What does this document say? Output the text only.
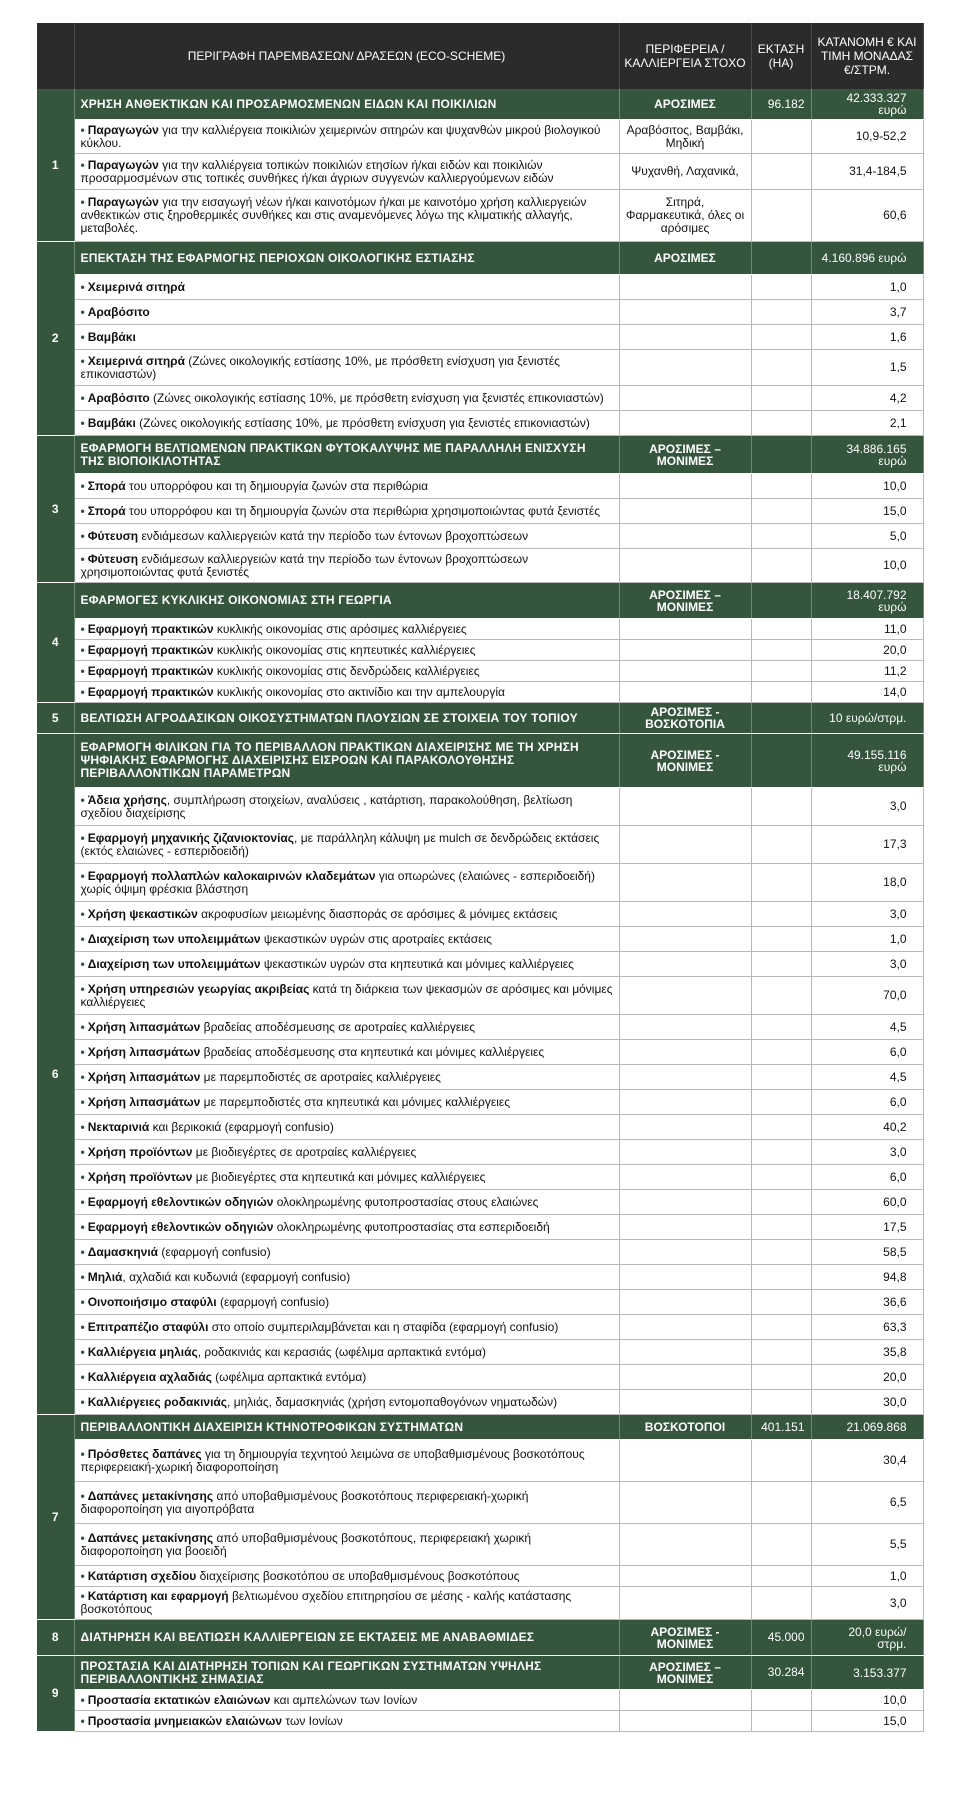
	ΠΕΡΙΓΡΑΦΗ ΠΑΡΕΜΒΑΣΕΩΝ/ ΔΡΑΣΕΩΝ (ECO-SCHEME)	ΠΕΡΙΦΕΡΕΙΑ / ΚΑΛΛΙΕΡΓΕΙΑ ΣΤΟΧΟ	ΕΚΤΑΣΗ (HA)	ΚΑΤΑΝΟΜΗ € ΚΑΙ ΤΙΜΗ ΜΟΝΑΔΑΣ €/ΣΤΡΜ.
1	ΧΡΗΣΗ ΑΝΘΕΚΤΙΚΩΝ ΚΑΙ ΠΡΟΣΑΡΜΟΣΜΕΝΩΝ ΕΙΔΩΝ ΚΑΙ ΠΟΙΚΙΛΙΩΝ	ΑΡΟΣΙΜΕΣ	96.182	42.333.327 ευρώ
	• Παραγωγών για την καλλιέργεια ποικιλιών χειμερινών σιτηρών και ψυχανθών μικρού βιολογικού κύκλου.	Αραβόσιτος, Βαμβάκι, Μηδική		10,9-52,2
	• Παραγωγών για την καλλιέργεια τοπικών ποικιλιών ετησίων ή/και ειδών και ποικιλιών προσαρμοσμένων στις τοπικές συνθήκες ή/και άγριων συγγενών καλλιεργούμενων ειδών	Ψυχανθή, Λαχανικά,		31,4-184,5
	• Παραγωγών για την εισαγωγή νέων ή/και καινοτόμων ή/και με καινοτόμο χρήση καλλιεργειών ανθεκτικών στις ξηροθερμικές συνθήκες και στις αναμενόμενες λόγω της κλιματικής αλλαγής, μεταβολές.	Σιτηρά, Φαρμακευτικά, όλες οι αρόσιμες		60,6
2	ΕΠΕΚΤΑΣΗ ΤΗΣ ΕΦΑΡΜΟΓΗΣ ΠΕΡΙΟΧΩΝ ΟΙΚΟΛΟΓΙΚΗΣ ΕΣΤΙΑΣΗΣ	ΑΡΟΣΙΜΕΣ		4.160.896 ευρώ
	• Χειμερινά σιτηρά			1,0
	• Αραβόσιτο			3,7
	• Βαμβάκι			1,6
	• Χειμερινά σιτηρά (Ζώνες οικολογικής εστίασης 10%, με πρόσθετη ενίσχυση για ξενιστές επικονιαστών)			1,5
	• Αραβόσιτο (Ζώνες οικολογικής εστίασης 10%, με πρόσθετη ενίσχυση για ξενιστές επικονιαστών)			4,2
	• Βαμβάκι (Ζώνες οικολογικής εστίασης 10%, με πρόσθετη ενίσχυση για ξενιστές επικονιαστών)			2,1
3	ΕΦΑΡΜΟΓΗ ΒΕΛΤΙΩΜΕΝΩΝ ΠΡΑΚΤΙΚΩΝ ΦΥΤΟΚΑΛΥΨΗΣ ΜΕ ΠΑΡΑΛΛΗΛΗ ΕΝΙΣΧΥΣΗ ΤΗΣ ΒΙΟΠΟΙΚΙΛΟΤΗΤΑΣ	ΑΡΟΣΙΜΕΣ – ΜΟΝΙΜΕΣ		34.886.165 ευρώ
	• Σπορά του υπορρόφου και τη δημιουργία ζωνών στα περιθώρια			10,0
	• Σπορά του υπορρόφου και τη δημιουργία ζωνών στα περιθώρια χρησιμοποιώντας φυτά ξενιστές			15,0
	• Φύτευση ενδιάμεσων καλλιεργειών κατά την περίοδο των έντονων βροχοπτώσεων			5,0
	• Φύτευση ενδιάμεσων καλλιεργειών κατά την περίοδο των έντονων βροχοπτώσεων χρησιμοποιώντας φυτά ξενιστές			10,0
4	ΕΦΑΡΜΟΓΕΣ ΚΥΚΛΙΚΗΣ ΟΙΚΟΝΟΜΙΑΣ ΣΤΗ ΓΕΩΡΓΙΑ	ΑΡΟΣΙΜΕΣ – ΜΟΝΙΜΕΣ		18.407.792 ευρώ
	• Εφαρμογή πρακτικών κυκλικής οικονομίας στις αρόσιμες καλλιέργειες			11,0
	• Εφαρμογή πρακτικών κυκλικής οικονομίας στις κηπευτικές καλλιέργειες			20,0
	• Εφαρμογή πρακτικών κυκλικής οικονομίας στις δενδρώδεις καλλιέργειες			11,2
	• Εφαρμογή πρακτικών κυκλικής οικονομίας στο ακτινίδιο και την αμπελουργία			14,0
5	ΒΕΛΤΙΩΣΗ ΑΓΡΟΔΑΣΙΚΩΝ ΟΙΚΟΣΥΣΤΗΜΑΤΩΝ ΠΛΟΥΣΙΩΝ ΣΕ ΣΤΟΙΧΕΙΑ ΤΟΥ ΤΟΠΙΟΥ	ΑΡΟΣΙΜΕΣ - ΒΟΣΚΟΤΟΠΙΑ		10 ευρώ/στρμ.
6	ΕΦΑΡΜΟΓΗ ΦΙΛΙΚΩΝ ΓΙΑ ΤΟ ΠΕΡΙΒΑΛΛΟΝ ΠΡΑΚΤΙΚΩΝ ΔΙΑΧΕΙΡΙΣΗΣ ΜΕ ΤΗ ΧΡΗΣΗ ΨΗΦΙΑΚΗΣ ΕΦΑΡΜΟΓΗΣ ΔΙΑΧΕΙΡΙΣΗΣ ΕΙΣΡΟΩΝ ΚΑΙ ΠΑΡΑΚΟΛΟΥΘΗΣΗΣ ΠΕΡΙΒΑΛΛΟΝΤΙΚΩΝ ΠΑΡΑΜΕΤΡΩΝ	ΑΡΟΣΙΜΕΣ - ΜΟΝΙΜΕΣ		49.155.116 ευρώ
	• Άδεια χρήσης, συμπλήρωση στοιχείων, αναλύσεις , κατάρτιση, παρακολούθηση, βελτίωση σχεδίου διαχείρισης			3,0
	• Εφαρμογή μηχανικής ζιζανιοκτονίας, με παράλληλη κάλυψη με mulch σε δενδρώδεις εκτάσεις (εκτός ελαιώνες - εσπεριδοειδή)			17,3
	• Εφαρμογή πολλαπλών καλοκαιρινών κλαδεμάτων για οπωρώνες (ελαιώνες - εσπεριδοειδή) χωρίς όψιμη φρέσκια βλάστηση			18,0
	• Χρήση ψεκαστικών ακροφυσίων μειωμένης διασποράς σε αρόσιμες & μόνιμες εκτάσεις			3,0
	• Διαχείριση των υπολειμμάτων ψεκαστικών υγρών στις αροτραίες εκτάσεις			1,0
	• Διαχείριση των υπολειμμάτων ψεκαστικών υγρών στα κηπευτικά και μόνιμες καλλιέργειες			3,0
	• Χρήση υπηρεσιών γεωργίας ακριβείας κατά τη διάρκεια των ψεκασμών σε αρόσιμες και μόνιμες καλλιέργειες			70,0
	• Χρήση λιπασμάτων βραδείας αποδέσμευσης σε αροτραίες καλλιέργειες			4,5
	• Χρήση λιπασμάτων βραδείας αποδέσμευσης στα κηπευτικά και μόνιμες καλλιέργειες			6,0
	• Χρήση λιπασμάτων με παρεμποδιστές σε αροτραίες καλλιέργειες			4,5
	• Χρήση λιπασμάτων με παρεμποδιστές στα κηπευτικά και μόνιμες καλλιέργειες			6,0
	• Νεκταρινιά και βερικοκιά (εφαρμογή confusio)			40,2
	• Χρήση προϊόντων με βιοδιεγέρτες σε αροτραίες καλλιέργειες			3,0
	• Χρήση προϊόντων με βιοδιεγέρτες στα κηπευτικά και μόνιμες καλλιέργειες			6,0
	• Εφαρμογή εθελοντικών οδηγιών ολοκληρωμένης φυτοπροστασίας στους ελαιώνες			60,0
	• Εφαρμογή εθελοντικών οδηγιών ολοκληρωμένης φυτοπροστασίας στα εσπεριδοειδή			17,5
	• Δαμασκηνιά (εφαρμογή confusio)			58,5
	• Μηλιά, αχλαδιά και κυδωνιά (εφαρμογή confusio)			94,8
	• Οινοποιήσιμο σταφύλι (εφαρμογή confusio)			36,6
	• Επιτραπέζιο σταφύλι στο οποίο συμπεριλαμβάνεται και η σταφίδα (εφαρμογή confusio)			63,3
	• Καλλιέργεια μηλιάς, ροδακινιάς και κερασιάς (ωφέλιμα αρπακτικά εντόμα)			35,8
	• Καλλιέργεια αχλαδιάς (ωφέλιμα αρπακτικά εντόμα)			20,0
	• Καλλιέργειες ροδακινιάς, μηλιάς, δαμασκηνιάς (χρήση εντομοπαθογόνων νηματωδών)			30,0
7	ΠΕΡΙΒΑΛΛΟΝΤΙΚΗ ΔΙΑΧΕΙΡΙΣΗ ΚΤΗΝΟΤΡΟΦΙΚΩΝ ΣΥΣΤΗΜΑΤΩΝ	ΒΟΣΚΟΤΟΠΟΙ	401.151	21.069.868
	• Πρόσθετες δαπάνες για τη δημιουργία τεχνητού λειμώνα σε υποβαθμισμένους βοσκοτόπους περιφερειακή-χωρική διαφοροποίηση			30,4
	• Δαπάνες μετακίνησης από υποβαθμισμένους βοσκοτόπους περιφερειακή-χωρική διαφοροποίηση για αιγοπρόβατα			6,5
	• Δαπάνες μετακίνησης από υποβαθμισμένους βοσκοτόπους, περιφερειακή χωρική διαφοροποίηση για βοοειδή			5,5
	• Κατάρτιση σχεδίου διαχείρισης βοσκοτόπου σε υποβαθμισμένους βοσκοτόπους			1,0
	• Κατάρτιση και εφαρμογή βελτιωμένου σχεδίου επιτηρησίου σε μέσης - καλής κατάστασης βοσκοτόπους			3,0
8	ΔΙΑΤΗΡΗΣΗ ΚΑΙ ΒΕΛΤΙΩΣΗ ΚΑΛΛΙΕΡΓΕΙΩΝ ΣΕ ΕΚΤΑΣΕΙΣ ΜΕ ΑΝΑΒΑΘΜΙΔΕΣ	ΑΡΟΣΙΜΕΣ - ΜΟΝΙΜΕΣ	45.000	20,0 ευρώ/ στρμ.
9	ΠΡΟΣΤΑΣΙΑ ΚΑΙ ΔΙΑΤΗΡΗΣΗ ΤΟΠΙΩΝ ΚΑΙ ΓΕΩΡΓΙΚΩΝ ΣΥΣΤΗΜΑΤΩΝ ΥΨΗΛΗΣ ΠΕΡΙΒΑΛΛΟΝΤΙΚΗΣ ΣΗΜΑΣΙΑΣ	ΑΡΟΣΙΜΕΣ – ΜΟΝΙΜΕΣ	30.284	3.153.377
	• Προστασία εκτατικών ελαιώνων και αμπελώνων των Ιονίων			10,0
	• Προστασία μνημειακών ελαιώνων των Ιονίων			15,0
